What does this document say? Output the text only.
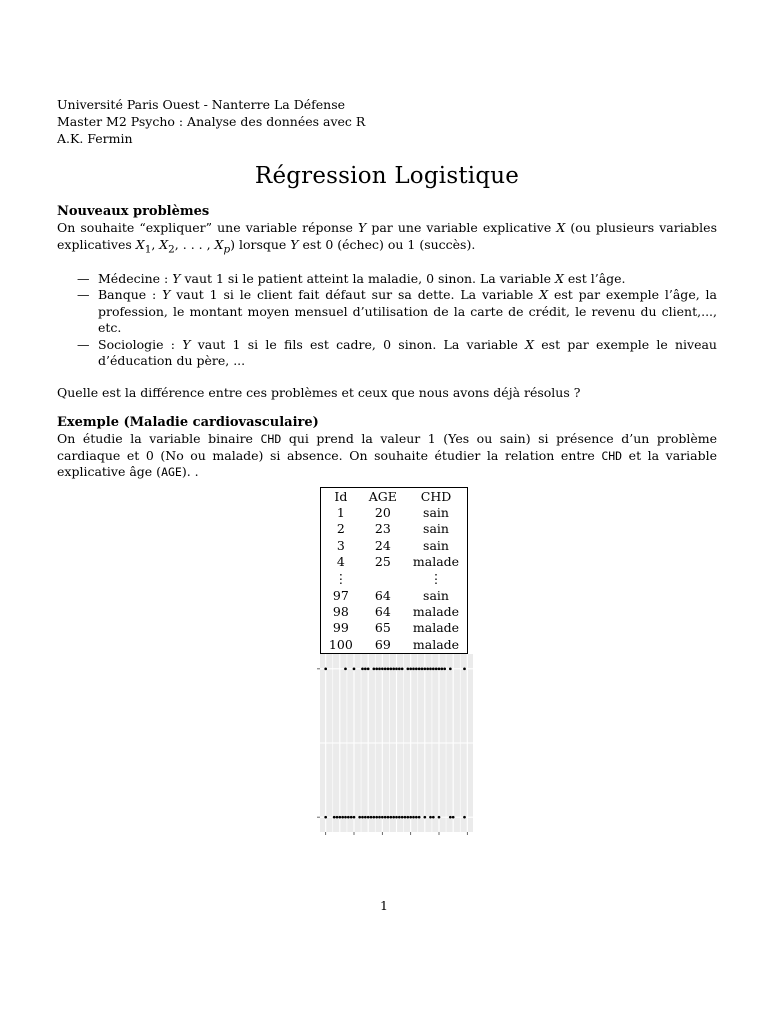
Université Paris Ouest - Nanterre La Défense
Master M2 Psycho : Analyse des données avec R
A.K. Fermin
Régression Logistique
Nouveaux problèmes
On souhaite “expliquer” une variable réponse Y par une variable explicative X (ou plusieurs variables explicatives $X_1$, $X_2$, . . . , $X_p$) lorsque Y est 0 (échec) ou 1 (succès).
— Médecine : Y vaut 1 si le patient atteint la maladie, 0 sinon. La variable X est l’âge.
— Banque : Y vaut 1 si le client fait défaut sur sa dette. La variable X est par exemple l’âge, la profession, le montant moyen mensuel d’utilisation de la carte de crédit, le revenu du client,..., etc.
— Sociologie : Y vaut 1 si le fils est cadre, 0 sinon. La variable X est par exemple le niveau d’éducation du père, ...
Quelle est la différence entre ces problèmes et ceux que nous avons déjà résolus ?
Exemple (Maladie cardiovasculaire)
On étudie la variable binaire CHD qui prend la valeur 1 (Yes ou sain) si présence d’un problème cardiaque et 0 (No ou malade) si absence. On souhaite étudier la relation entre CHD et la variable explicative âge (AGE). .
Id	AGE	CHD
1	20	sain
2	23	sain
3	24	sain
4	25	malade
⋮		⋮
97	64	sain
98	64	malade
99	65	malade
100	69	malade
1
